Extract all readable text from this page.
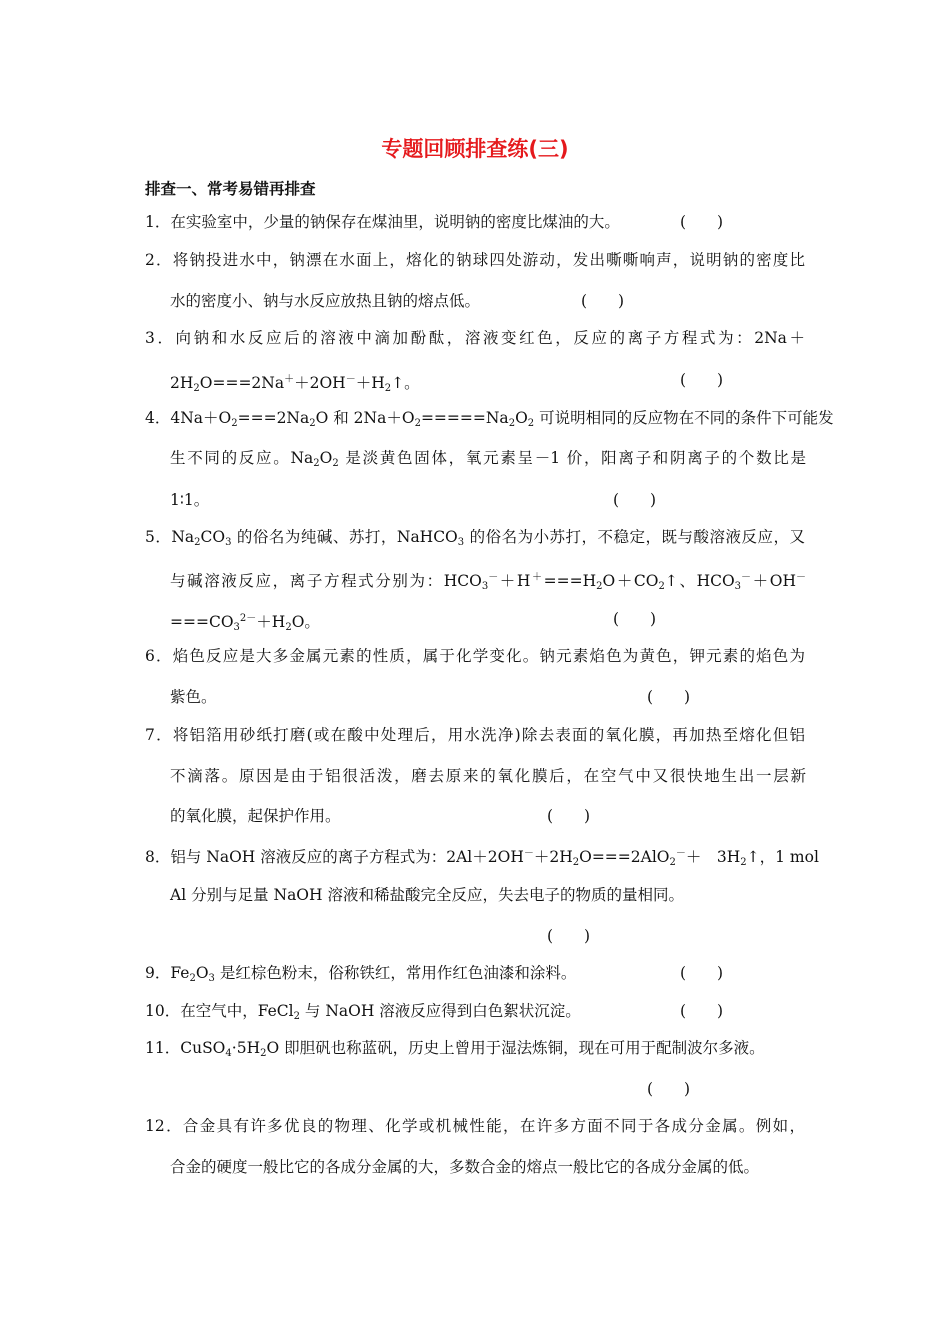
专题回顾排查练(三)
排查一、常考易错再排查
1．在实验室中，少量的钠保存在煤油里，说明钠的密度比煤油的大。	(　　)
2．将钠投进水中，钠漂在水面上，熔化的钠球四处游动，发出嘶嘶响声，说明钠的密度比
水的密度小、钠与水反应放热且钠的熔点低。	(　　)
3．向钠和水反应后的溶液中滴加酚酞，溶液变红色，反应的离子方程式为：2Na＋
$2H_2O===2Na^++2OH^-+H_2↑$。	(　　)
4．$4Na+O_2===2Na_2O$ 和 $2Na+O_2=====Na_2O_2$ 可说明相同的反应物在不同的条件下可能发
生不同的反应。$Na_2O_2$ 是淡黄色固体，氧元素呈－1 价，阳离子和阴离子的个数比是
1∶1。	(　　)
5．$Na_2CO_3$ 的俗名为纯碱、苏打，NaHCO$_3$ 的俗名为小苏打，不稳定，既与酸溶液反应，又
与碱溶液反应，离子方程式分别为：$HCO_3^-+H^+===H_2O+CO_2↑$、$HCO_3^-+OH^-$
$===CO_3^{2-}+H_2O$。	(　　)
6．焰色反应是大多金属元素的性质，属于化学变化。钠元素焰色为黄色，钾元素的焰色为
紫色。	(　　)
7．将铝箔用砂纸打磨(或在酸中处理后，用水洗净)除去表面的氧化膜，再加热至熔化但铝
不滴落。原因是由于铝很活泼，磨去原来的氧化膜后，在空气中又很快地生出一层新
的氧化膜，起保护作用。	(　　)
8．铝与 NaOH 溶液反应的离子方程式为：$2Al+2OH^-+2H_2O===2AlO_2^-+$　$3H_2↑$，1 mol
Al 分别与足量 NaOH 溶液和稀盐酸完全反应，失去电子的物质的量相同。
(　　)
9．$Fe_2O_3$ 是红棕色粉末，俗称铁红，常用作红色油漆和涂料。	(　　)
10．在空气中，FeCl$_2$ 与 NaOH 溶液反应得到白色絮状沉淀。	(　　)
11．$CuSO_4\cdot 5H_2O$ 即胆矾也称蓝矾，历史上曾用于湿法炼铜，现在可用于配制波尔多液。
(　　)
12．合金具有许多优良的物理、化学或机械性能，在许多方面不同于各成分金属。例如，
合金的硬度一般比它的各成分金属的大，多数合金的熔点一般比它的各成分金属的低。
